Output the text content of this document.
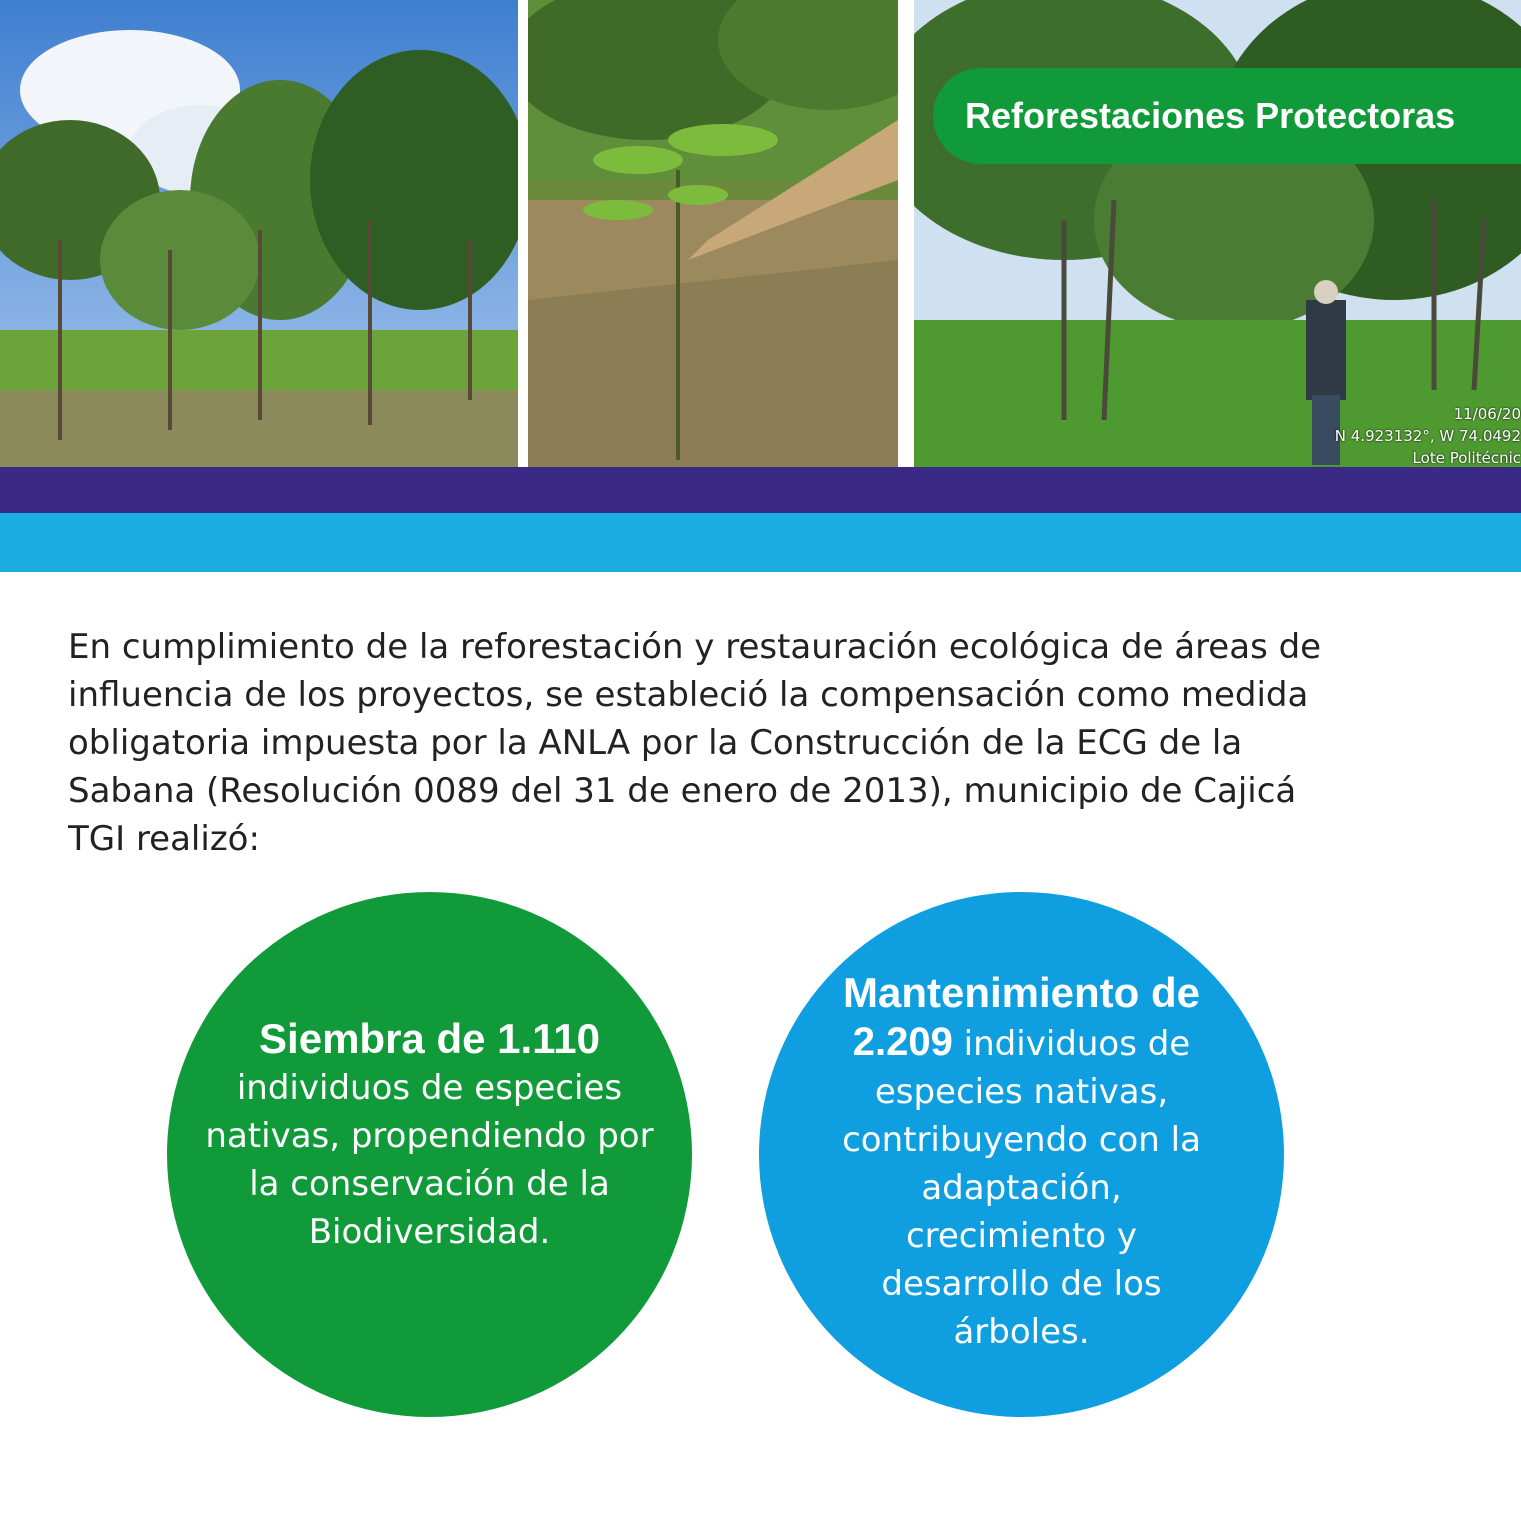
11/06/20
N 4.923132°, W 74.0492
Lote Politécnic
Reforestaciones Protectoras

En cumplimiento de la reforestación y restauración ecológica de áreas de

influencia de los proyectos, se estableció la compensación como medida

obligatoria impuesta por la ANLA por la Construcción de la ECG de la

Sabana (Resolución 0089 del 31 de enero de 2013), municipio de Cajicá

TGI realizó:

Siembra de 1.110
individuos de especies
nativas, propendiendo por
la conservación de la
Biodiversidad.
Mantenimiento de
2.209 individuos de
especies nativas,
contribuyendo con la
adaptación,
crecimiento y
desarrollo de los
árboles.
